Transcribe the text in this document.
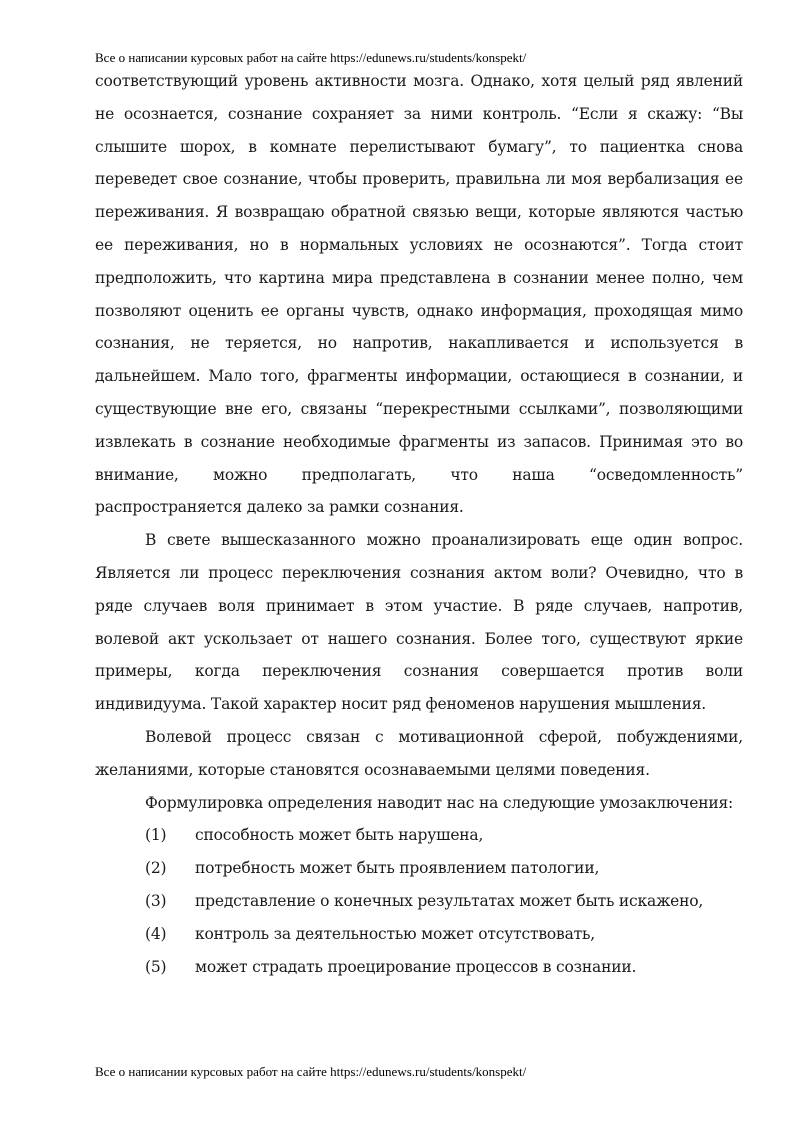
Все о написании курсовых работ на сайте https://edunews.ru/students/konspekt/

соответствующий уровень активности мозга. Однако, хотя целый ряд явлений не осознается, сознание сохраняет за ними контроль. “Если я скажу: “Вы слышите шорох, в комнате перелистывают бумагу”, то пациентка снова переведет свое сознание, чтобы проверить, правильна ли моя вербализация ее переживания. Я возвращаю обратной связью вещи, которые являются частью ее переживания, но в нормальных условиях не осознаются”. Тогда стоит предположить, что картина мира представлена в сознании менее полно, чем позволяют оценить ее органы чувств, однако информация, проходящая мимо сознания, не теряется, но напротив, накапливается и используется в дальнейшем. Мало того, фрагменты информации, остающиеся в сознании, и существующие вне его, связаны “перекрестными ссылками”, позволяющими извлекать в сознание необходимые фрагменты из запасов. Принимая это во внимание, можно предполагать, что наша “осведомленность” распространяется далеко за рамки сознания.

В свете вышесказанного можно проанализировать еще один вопрос. Является ли процесс переключения сознания актом воли? Очевидно, что в ряде случаев воля принимает в этом участие. В ряде случаев, напротив, волевой акт ускользает от нашего сознания. Более того, существуют яркие примеры, когда переключения сознания совершается против воли индивидуума. Такой характер носит ряд феноменов нарушения мышления.

Волевой процесс связан с мотивационной сферой, побуждениями, желаниями, которые становятся осознаваемыми целями поведения.

Формулировка определения наводит нас на следующие умозаключения:

(1)	способность может быть нарушена,
(2)	потребность может быть проявлением патологии,
(3)	представление о конечных результатах может быть искажено,
(4)	контроль за деятельностью может отсутствовать,
(5)	может страдать проецирование процессов в сознании.
Все о написании курсовых работ на сайте https://edunews.ru/students/konspekt/
